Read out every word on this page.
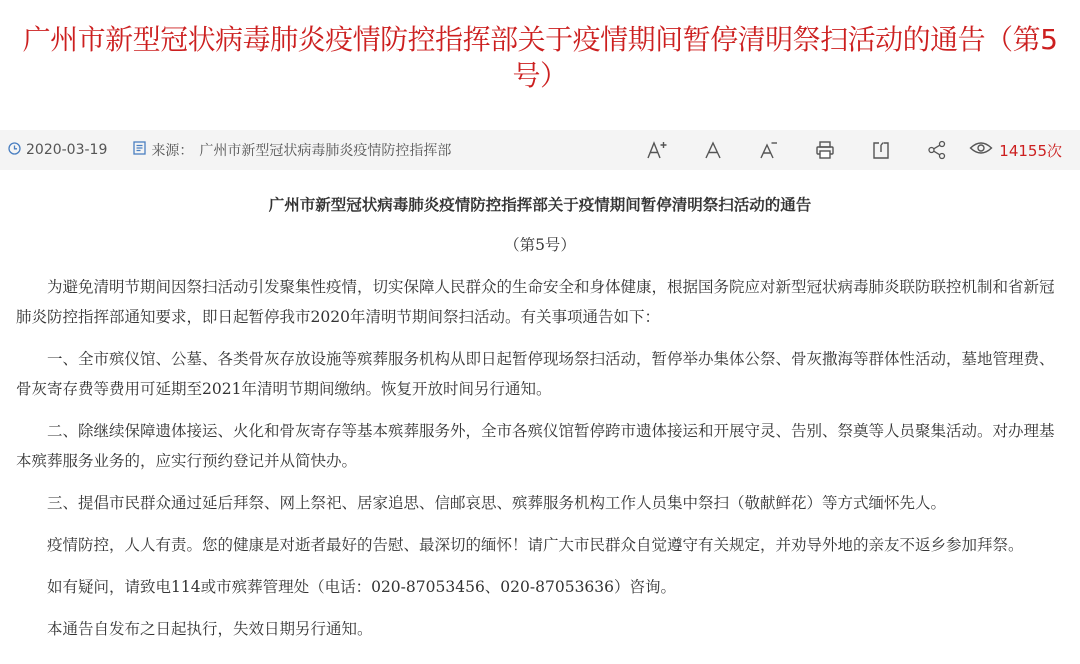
广州市新型冠状病毒肺炎疫情防控指挥部关于疫情期间暂停清明祭扫活动的通告（第5号）
2020-03-19	来源： 广州市新型冠状病毒肺炎疫情防控指挥部	14155次

广州市新型冠状病毒肺炎疫情防控指挥部关于疫情期间暂停清明祭扫活动的通告

（第5号）

为避免清明节期间因祭扫活动引发聚集性疫情，切实保障人民群众的生命安全和身体健康，根据国务院应对新型冠状病毒肺炎联防联控机制和省新冠肺炎防控指挥部通知要求，即日起暂停我市2020年清明节期间祭扫活动。有关事项通告如下：

一、全市殡仪馆、公墓、各类骨灰存放设施等殡葬服务机构从即日起暂停现场祭扫活动，暂停举办集体公祭、骨灰撒海等群体性活动，墓地管理费、骨灰寄存费等费用可延期至2021年清明节期间缴纳。恢复开放时间另行通知。

二、除继续保障遗体接运、火化和骨灰寄存等基本殡葬服务外，全市各殡仪馆暂停跨市遗体接运和开展守灵、告别、祭奠等人员聚集活动。对办理基本殡葬服务业务的，应实行预约登记并从简快办。

三、提倡市民群众通过延后拜祭、网上祭祀、居家追思、信邮哀思、殡葬服务机构工作人员集中祭扫（敬献鲜花）等方式缅怀先人。

疫情防控，人人有责。您的健康是对逝者最好的告慰、最深切的缅怀！请广大市民群众自觉遵守有关规定，并劝导外地的亲友不返乡参加拜祭。

如有疑问，请致电114或市殡葬管理处（电话：020-87053456、020-87053636）咨询。

本通告自发布之日起执行，失效日期另行通知。
